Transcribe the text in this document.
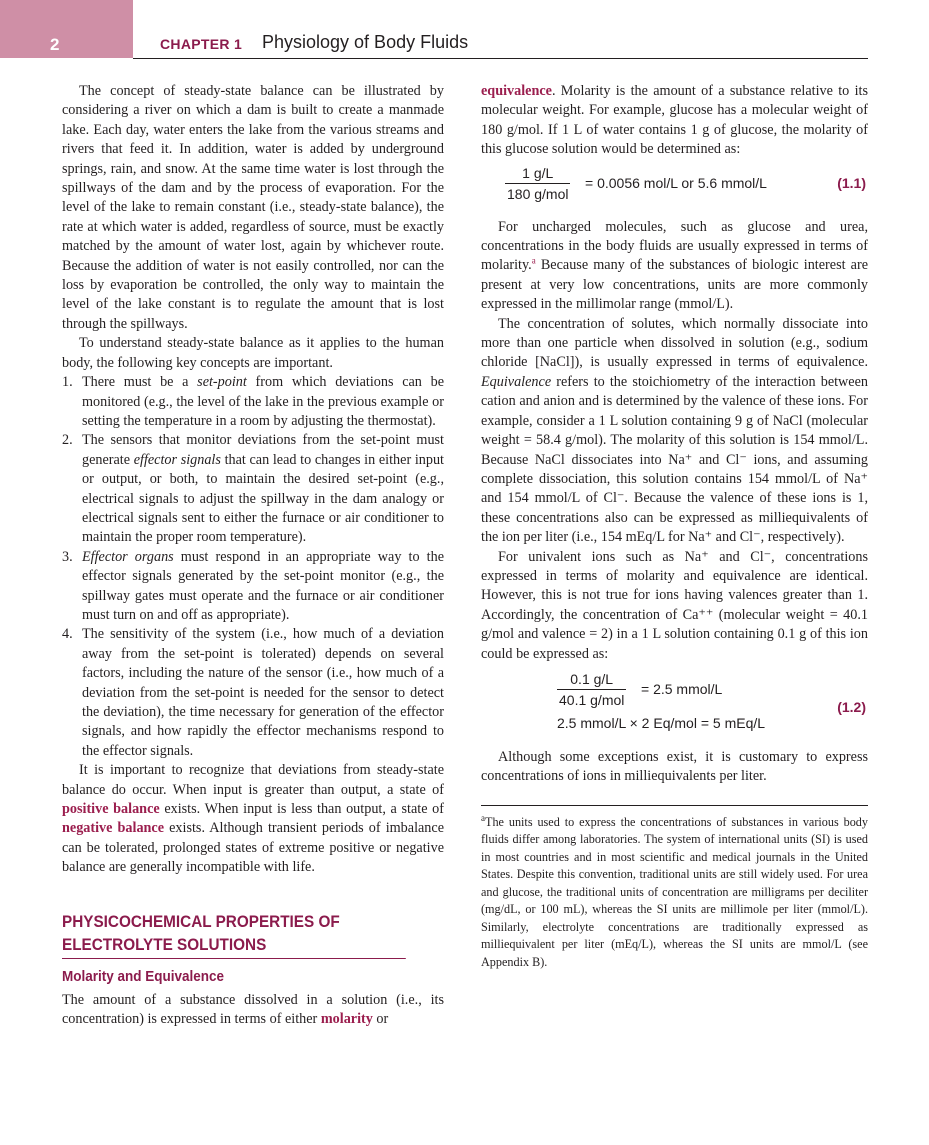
2	CHAPTER 1 Physiology of Body Fluids

The concept of steady-state balance can be illustrated by considering a river on which a dam is built to create a manmade lake. Each day, water enters the lake from the various streams and rivers that feed it. In addition, water is added by underground springs, rain, and snow. At the same time water is lost through the spillways of the dam and by the process of evaporation. For the level of the lake to remain constant (i.e., steady-state balance), the rate at which water is added, regardless of source, must be exactly matched by the amount of water lost, again by whichever route. Because the addition of water is not easily controlled, nor can the loss by evaporation be controlled, the only way to maintain the level of the lake constant is to regulate the amount that is lost through the spillways.

To understand steady-state balance as it applies to the human body, the following key concepts are important.

1. There must be a set-point from which deviations can be monitored (e.g., the level of the lake in the previous example or setting the temperature in a room by adjusting the thermostat).
2. The sensors that monitor deviations from the set-point must generate effector signals that can lead to changes in either input or output, or both, to maintain the desired set-point (e.g., electrical signals to adjust the spillway in the dam analogy or electrical signals sent to either the furnace or air conditioner to maintain the proper room temperature).
3. Effector organs must respond in an appropriate way to the effector signals generated by the set-point monitor (e.g., the spillway gates must operate and the furnace or air conditioner must turn on and off as appropriate).
4. The sensitivity of the system (i.e., how much of a deviation away from the set-point is tolerated) depends on several factors, including the nature of the sensor (i.e., how much of a deviation from the set-point is needed for the sensor to detect the deviation), the time necessary for generation of the effector signals, and how rapidly the effector mechanisms respond to the effector signals.

It is important to recognize that deviations from steady-state balance do occur. When input is greater than output, a state of positive balance exists. When input is less than output, a state of negative balance exists. Although transient periods of imbalance can be tolerated, prolonged states of extreme positive or negative balance are generally incompatible with life.

PHYSICOCHEMICAL PROPERTIES OF
ELECTROLYTE SOLUTIONS
Molarity and Equivalence

The amount of a substance dissolved in a solution (i.e., its concentration) is expressed in terms of either molarity or

equivalence. Molarity is the amount of a substance relative to its molecular weight. For example, glucose has a molecular weight of 180 g/mol. If 1 L of water contains 1 g of glucose, the molarity of this glucose solution would be determined as:

1 g/L
180 g/mol
= 0.0056 mol/L or 5.6 mmol/L	(1.1)

For uncharged molecules, such as glucose and urea, concentrations in the body fluids are usually expressed in terms of molarity.$^a$ Because many of the substances of biologic interest are present at very low concentrations, units are more commonly expressed in the millimolar range (mmol/L).

The concentration of solutes, which normally dissociate into more than one particle when dissolved in solution (e.g., sodium chloride [NaCl]), is usually expressed in terms of equivalence. Equivalence refers to the stoichiometry of the interaction between cation and anion and is determined by the valence of these ions. For example, consider a 1 L solution containing 9 g of NaCl (molecular weight = 58.4 g/mol). The molarity of this solution is 154 mmol/L. Because NaCl dissociates into Na⁺ and Cl⁻ ions, and assuming complete dissociation, this solution contains 154 mmol/L of Na⁺ and 154 mmol/L of Cl⁻. Because the valence of these ions is 1, these concentrations also can be expressed as milliequivalents of the ion per liter (i.e., 154 mEq/L for Na⁺ and Cl⁻, respectively).

For univalent ions such as Na⁺ and Cl⁻, concentrations expressed in terms of molarity and equivalence are identical. However, this is not true for ions having valences greater than 1. Accordingly, the concentration of Ca⁺⁺ (molecular weight = 40.1 g/mol and valence = 2) in a 1 L solution containing 0.1 g of this ion could be expressed as:

0.1 g/L
40.1 g/mol
= 2.5 mmol/L
2.5 mmol/L × 2 Eq/mol = 5 mEq/L
(1.2)

Although some exceptions exist, it is customary to express concentrations of ions in milliequivalents per liter.

$^a$The units used to express the concentrations of substances in various body fluids differ among laboratories. The system of international units (SI) is used in most countries and in most scientific and medical journals in the United States. Despite this convention, traditional units are still widely used. For urea and glucose, the traditional units of concentration are milligrams per deciliter (mg/dL, or 100 mL), whereas the SI units are millimole per liter (mmol/L). Similarly, electrolyte concentrations are traditionally expressed as milliequivalent per liter (mEq/L), whereas the SI units are mmol/L (see Appendix B).
